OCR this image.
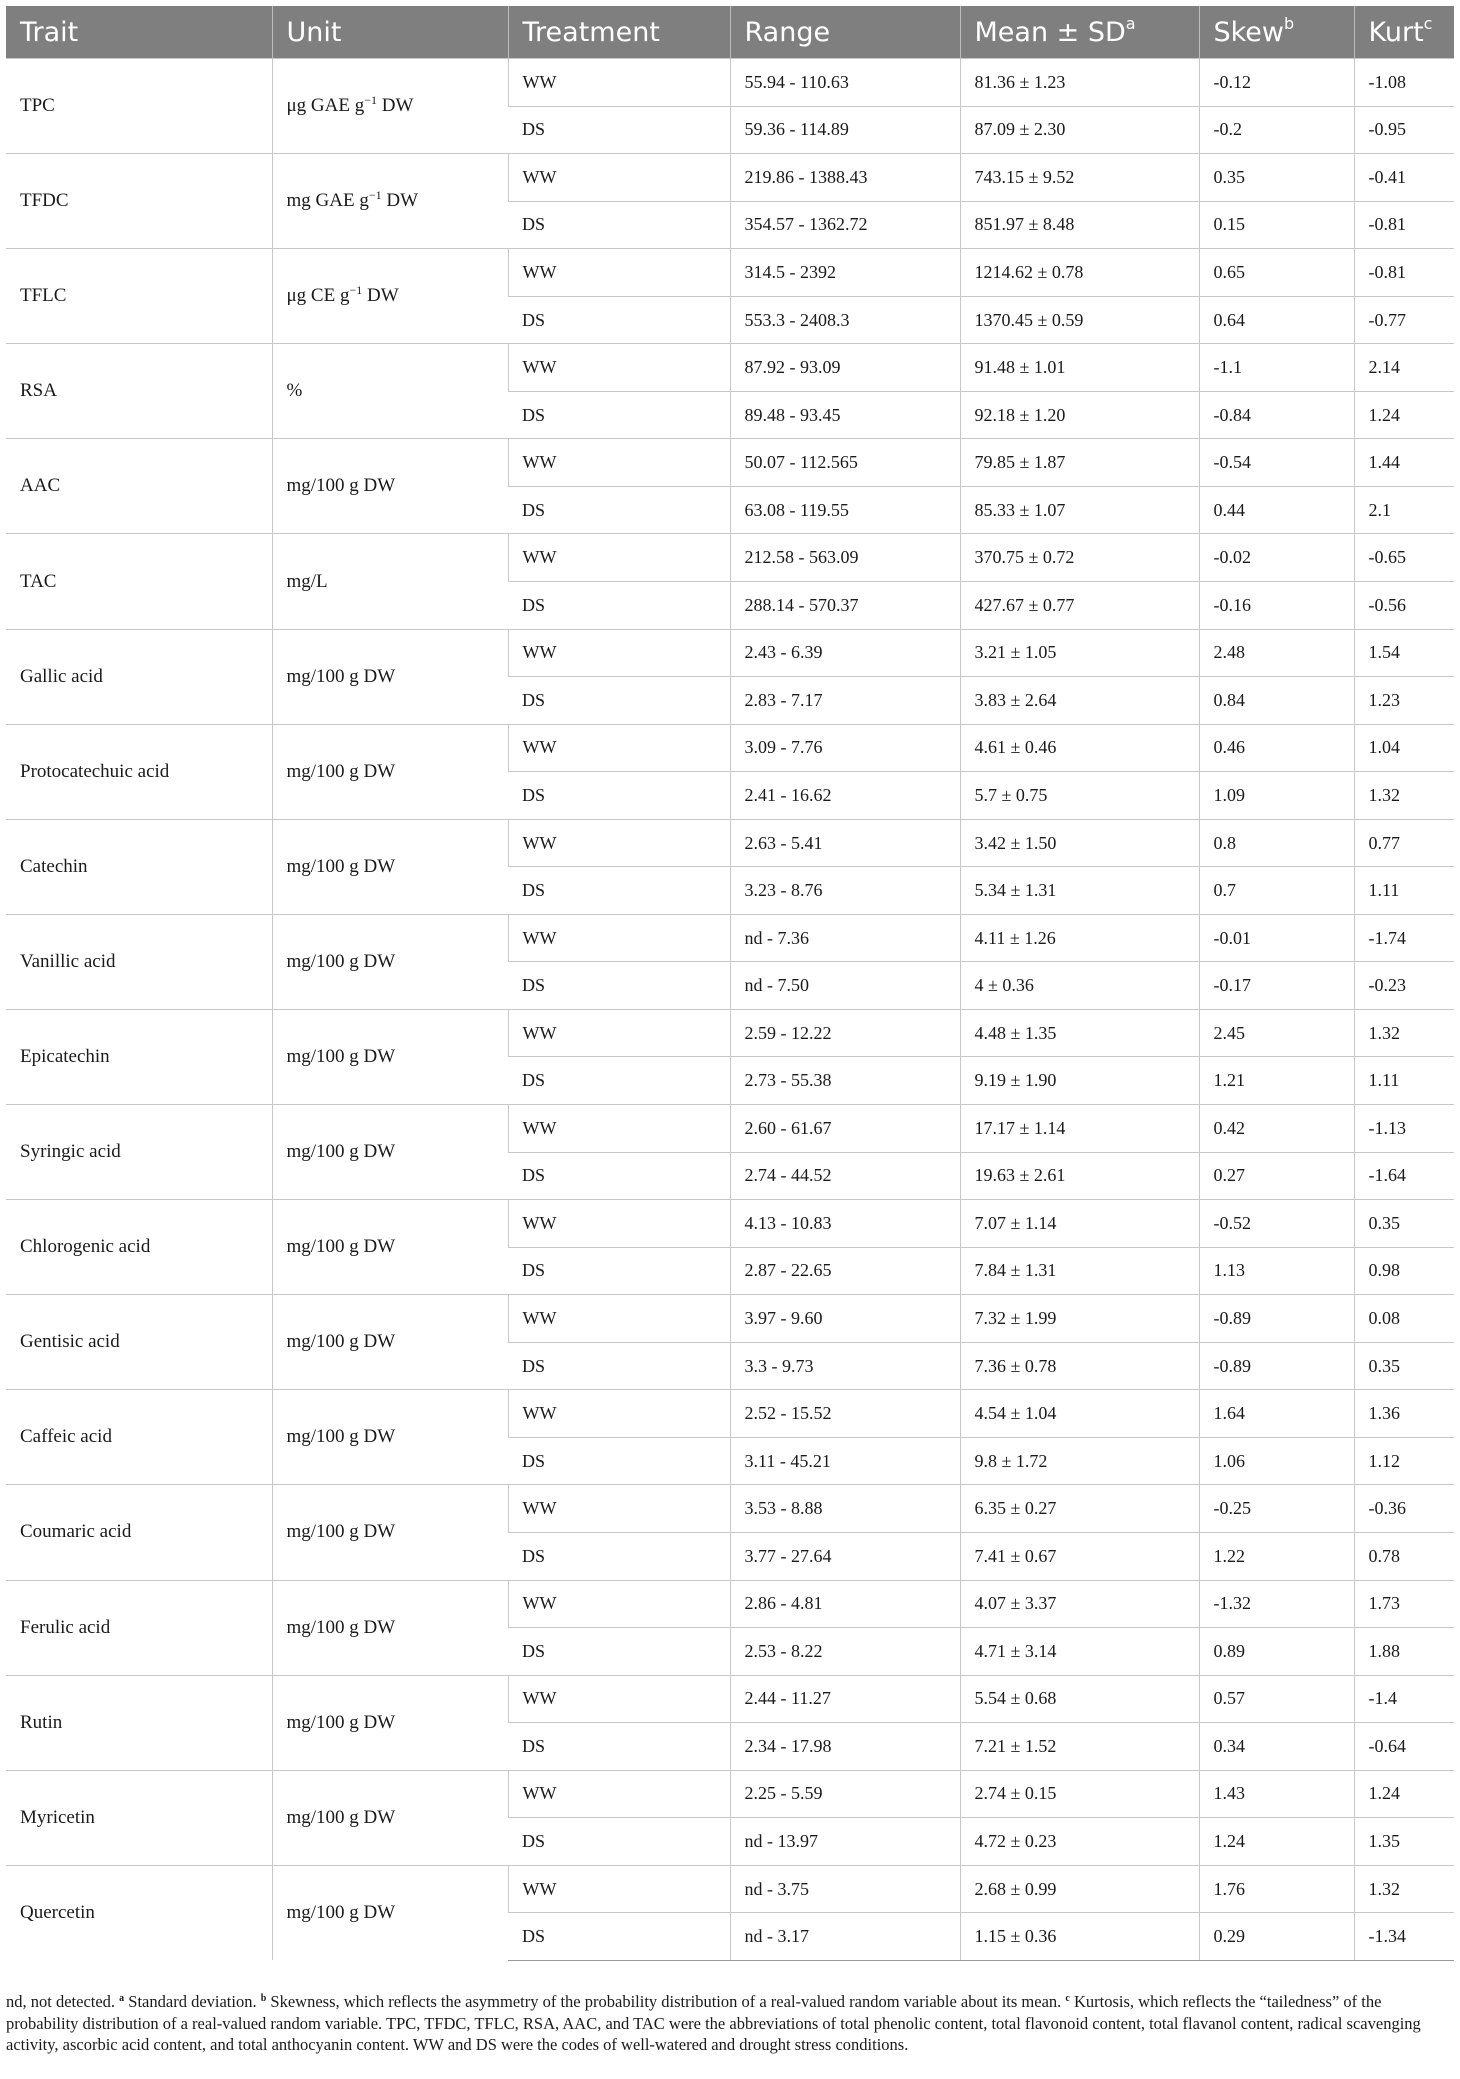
Trait	Unit	Treatment	Range	Mean ± $SD^a$	Skew$^b$	Kurt$^c$
TPC	μg GAE $g^{-1}$ DW	WW	55.94 - 110.63	81.36 ± 1.23	-0.12	-1.08
		DS	59.36 - 114.89	87.09 ± 2.30	-0.2	-0.95
TFDC	mg GAE $g^{-1}$ DW	WW	219.86 - 1388.43	743.15 ± 9.52	0.35	-0.41
		DS	354.57 - 1362.72	851.97 ± 8.48	0.15	-0.81
TFLC	μg CE $g^{-1}$ DW	WW	314.5 - 2392	1214.62 ± 0.78	0.65	-0.81
		DS	553.3 - 2408.3	1370.45 ± 0.59	0.64	-0.77
RSA	%	WW	87.92 - 93.09	91.48 ± 1.01	-1.1	2.14
		DS	89.48 - 93.45	92.18 ± 1.20	-0.84	1.24
AAC	mg/100 g DW	WW	50.07 - 112.565	79.85 ± 1.87	-0.54	1.44
		DS	63.08 - 119.55	85.33 ± 1.07	0.44	2.1
TAC	mg/L	WW	212.58 - 563.09	370.75 ± 0.72	-0.02	-0.65
		DS	288.14 - 570.37	427.67 ± 0.77	-0.16	-0.56
Gallic acid	mg/100 g DW	WW	2.43 - 6.39	3.21 ± 1.05	2.48	1.54
		DS	2.83 - 7.17	3.83 ± 2.64	0.84	1.23
Protocatechuic acid	mg/100 g DW	WW	3.09 - 7.76	4.61 ± 0.46	0.46	1.04
		DS	2.41 - 16.62	5.7 ± 0.75	1.09	1.32
Catechin	mg/100 g DW	WW	2.63 - 5.41	3.42 ± 1.50	0.8	0.77
		DS	3.23 - 8.76	5.34 ± 1.31	0.7	1.11
Vanillic acid	mg/100 g DW	WW	nd - 7.36	4.11 ± 1.26	-0.01	-1.74
		DS	nd - 7.50	4 ± 0.36	-0.17	-0.23
Epicatechin	mg/100 g DW	WW	2.59 - 12.22	4.48 ± 1.35	2.45	1.32
		DS	2.73 - 55.38	9.19 ± 1.90	1.21	1.11
Syringic acid	mg/100 g DW	WW	2.60 - 61.67	17.17 ± 1.14	0.42	-1.13
		DS	2.74 - 44.52	19.63 ± 2.61	0.27	-1.64
Chlorogenic acid	mg/100 g DW	WW	4.13 - 10.83	7.07 ± 1.14	-0.52	0.35
		DS	2.87 - 22.65	7.84 ± 1.31	1.13	0.98
Gentisic acid	mg/100 g DW	WW	3.97 - 9.60	7.32 ± 1.99	-0.89	0.08
		DS	3.3 - 9.73	7.36 ± 0.78	-0.89	0.35
Caffeic acid	mg/100 g DW	WW	2.52 - 15.52	4.54 ± 1.04	1.64	1.36
		DS	3.11 - 45.21	9.8 ± 1.72	1.06	1.12
Coumaric acid	mg/100 g DW	WW	3.53 - 8.88	6.35 ± 0.27	-0.25	-0.36
		DS	3.77 - 27.64	7.41 ± 0.67	1.22	0.78
Ferulic acid	mg/100 g DW	WW	2.86 - 4.81	4.07 ± 3.37	-1.32	1.73
		DS	2.53 - 8.22	4.71 ± 3.14	0.89	1.88
Rutin	mg/100 g DW	WW	2.44 - 11.27	5.54 ± 0.68	0.57	-1.4
		DS	2.34 - 17.98	7.21 ± 1.52	0.34	-0.64
Myricetin	mg/100 g DW	WW	2.25 - 5.59	2.74 ± 0.15	1.43	1.24
		DS	nd - 13.97	4.72 ± 0.23	1.24	1.35
Quercetin	mg/100 g DW	WW	nd - 3.75	2.68 ± 0.99	1.76	1.32
		DS	nd - 3.17	1.15 ± 0.36	0.29	-1.34
nd, not detected. $^a$ Standard deviation. $^b$ Skewness, which reflects the asymmetry of the probability distribution of a real-valued random variable about its mean. $^c$ Kurtosis, which reflects the “tailedness” of the probability distribution of a real-valued random variable. TPC, TFDC, TFLC, RSA, AAC, and TAC were the abbreviations of total phenolic content, total flavonoid content, total flavanol content, radical scavenging activity, ascorbic acid content, and total anthocyanin content. WW and DS were the codes of well-watered and drought stress conditions.
